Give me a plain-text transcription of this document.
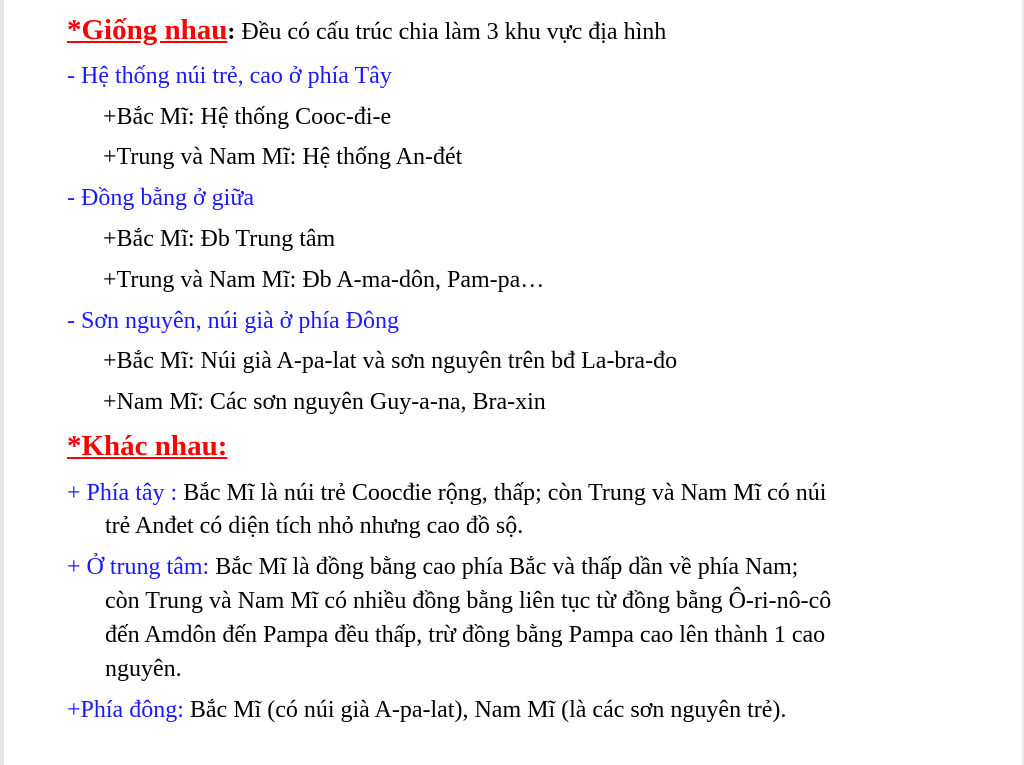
*Giống nhau: Đều có cấu trúc chia làm 3 khu vực địa hình
- Hệ thống núi trẻ, cao ở phía Tây
+Bắc Mĩ: Hệ thống Cooc-đi-e
+Trung và Nam Mĩ: Hệ thống An-đét
- Đồng bằng ở giữa
+Bắc Mĩ: Đb Trung tâm
+Trung và Nam Mĩ: Đb A-ma-dôn, Pam-pa…
- Sơn nguyên, núi già ở phía Đông
+Bắc Mĩ: Núi già A-pa-lat và sơn nguyên trên bđ La-bra-đo
+Nam Mĩ: Các sơn nguyên Guy-a-na, Bra-xin
*Khác nhau:
+ Phía tây : Bắc Mĩ là núi trẻ Coocđie rộng, thấp; còn Trung và Nam Mĩ có núi
trẻ Anđet có diện tích nhỏ nhưng cao đồ sộ.
+ Ở trung tâm: Bắc Mĩ là đồng bằng cao phía Bắc và thấp dần về phía Nam;
còn Trung và Nam Mĩ có nhiều đồng bằng liên tục từ đồng bằng Ô-ri-nô-cô
đến Amdôn đến Pampa đều thấp, trừ đồng bằng Pampa cao lên thành 1 cao
nguyên.
+Phía đông: Bắc Mĩ (có núi già A-pa-lat), Nam Mĩ (là các sơn nguyên trẻ).
